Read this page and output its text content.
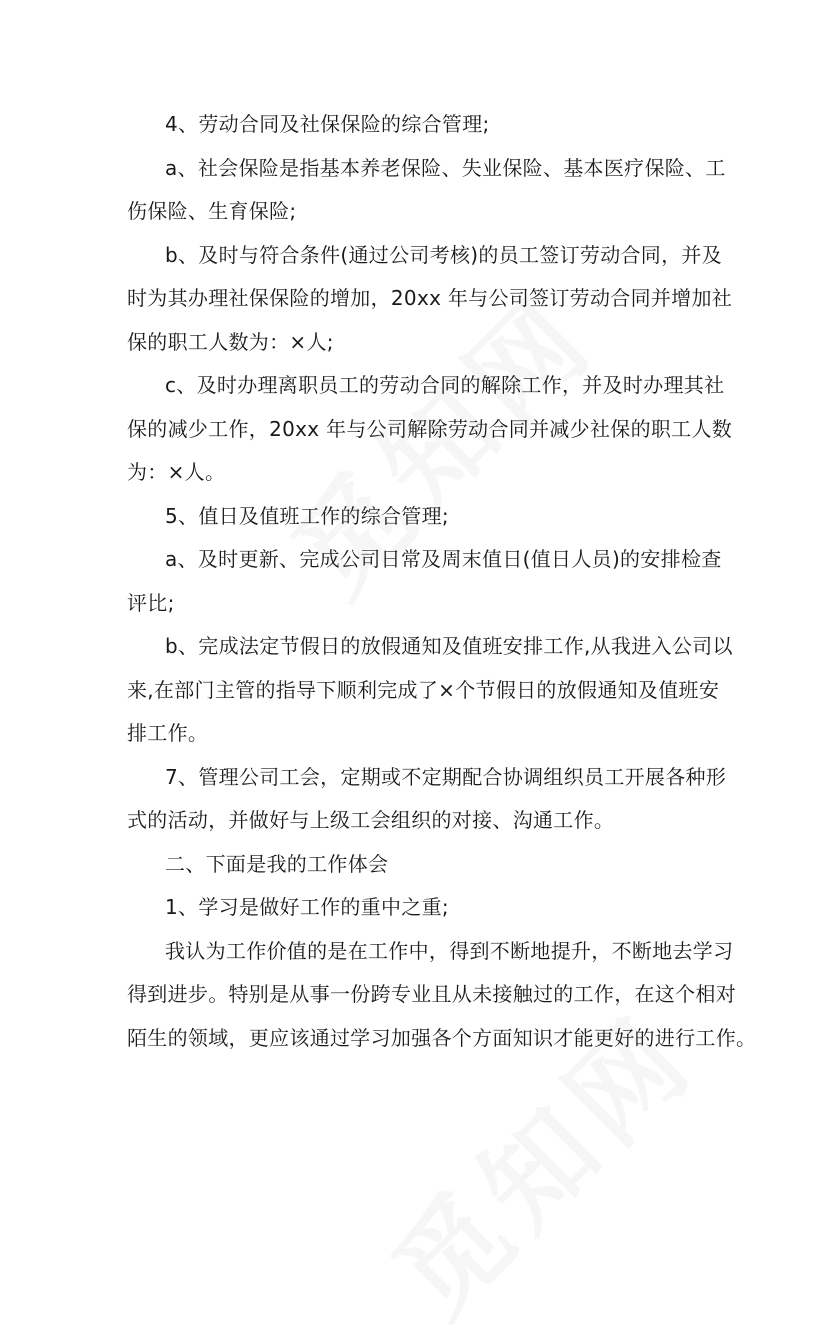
4、劳动合同及社保保险的综合管理;
a、社会保险是指基本养老保险、失业保险、基本医疗保险、工
伤保险、生育保险;
b、及时与符合条件(通过公司考核)的员工签订劳动合同，并及
时为其办理社保保险的增加，20xx 年与公司签订劳动合同并增加社
保的职工人数为：×人;
c、及时办理离职员工的劳动合同的解除工作，并及时办理其社
保的减少工作，20xx 年与公司解除劳动合同并减少社保的职工人数
为：×人。
5、值日及值班工作的综合管理;
a、及时更新、完成公司日常及周末值日(值日人员)的安排检查
评比;
b、完成法定节假日的放假通知及值班安排工作,从我进入公司以
来,在部门主管的指导下顺利完成了×个节假日的放假通知及值班安
排工作。
7、管理公司工会，定期或不定期配合协调组织员工开展各种形
式的活动，并做好与上级工会组织的对接、沟通工作。
二、下面是我的工作体会
1、学习是做好工作的重中之重;
我认为工作价值的是在工作中，得到不断地提升，不断地去学习
得到进步。特别是从事一份跨专业且从未接触过的工作，在这个相对
陌生的领域，更应该通过学习加强各个方面知识才能更好的进行工作。
